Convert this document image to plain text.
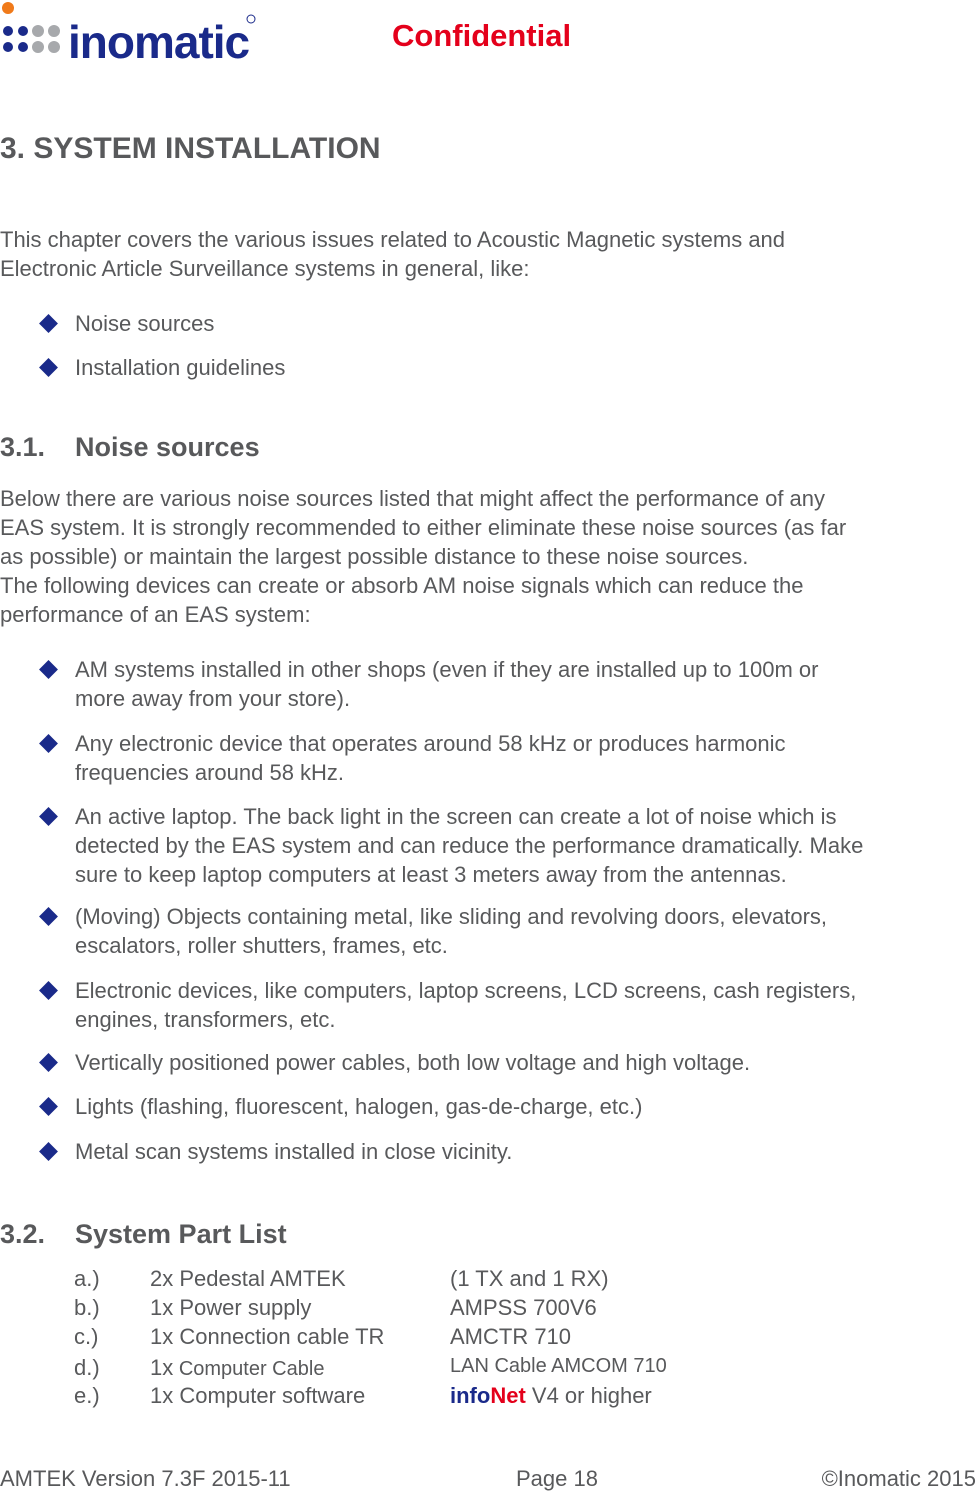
inomatic	Confidential
3. SYSTEM INSTALLATION
This chapter covers the various issues related to Acoustic Magnetic systems and
Electronic Article Surveillance systems in general, like:
Noise sources
Installation guidelines
3.1. Noise sources
Below there are various noise sources listed that might affect the performance of any
EAS system. It is strongly recommended to either eliminate these noise sources (as far
as possible) or maintain the largest possible distance to these noise sources.
The following devices can create or absorb AM noise signals which can reduce the
performance of an EAS system:
AM systems installed in other shops (even if they are installed up to 100m or
more away from your store).
Any electronic device that operates around 58 kHz or produces harmonic
frequencies around 58 kHz.
An active laptop. The back light in the screen can create a lot of noise which is
detected by the EAS system and can reduce the performance dramatically. Make
sure to keep laptop computers at least 3 meters away from the antennas.
(Moving) Objects containing metal, like sliding and revolving doors, elevators,
escalators, roller shutters, frames, etc.
Electronic devices, like computers, laptop screens, LCD screens, cash registers,
engines, transformers, etc.
Vertically positioned power cables, both low voltage and high voltage.
Lights (flashing, fluorescent, halogen, gas-de-charge, etc.)
Metal scan systems installed in close vicinity.
3.2. System Part List
a.) 2x Pedestal AMTEK	(1 TX and 1 RX)
b.) 1x Power supply	AMPSS 700V6
c.) 1x Connection cable TR	AMCTR 710
d.) 1x Computer Cable	LAN Cable AMCOM 710
e.) 1x Computer software	infoNet V4 or higher
AMTEK Version 7.3F 2015-11	Page 18	©Inomatic 2015
